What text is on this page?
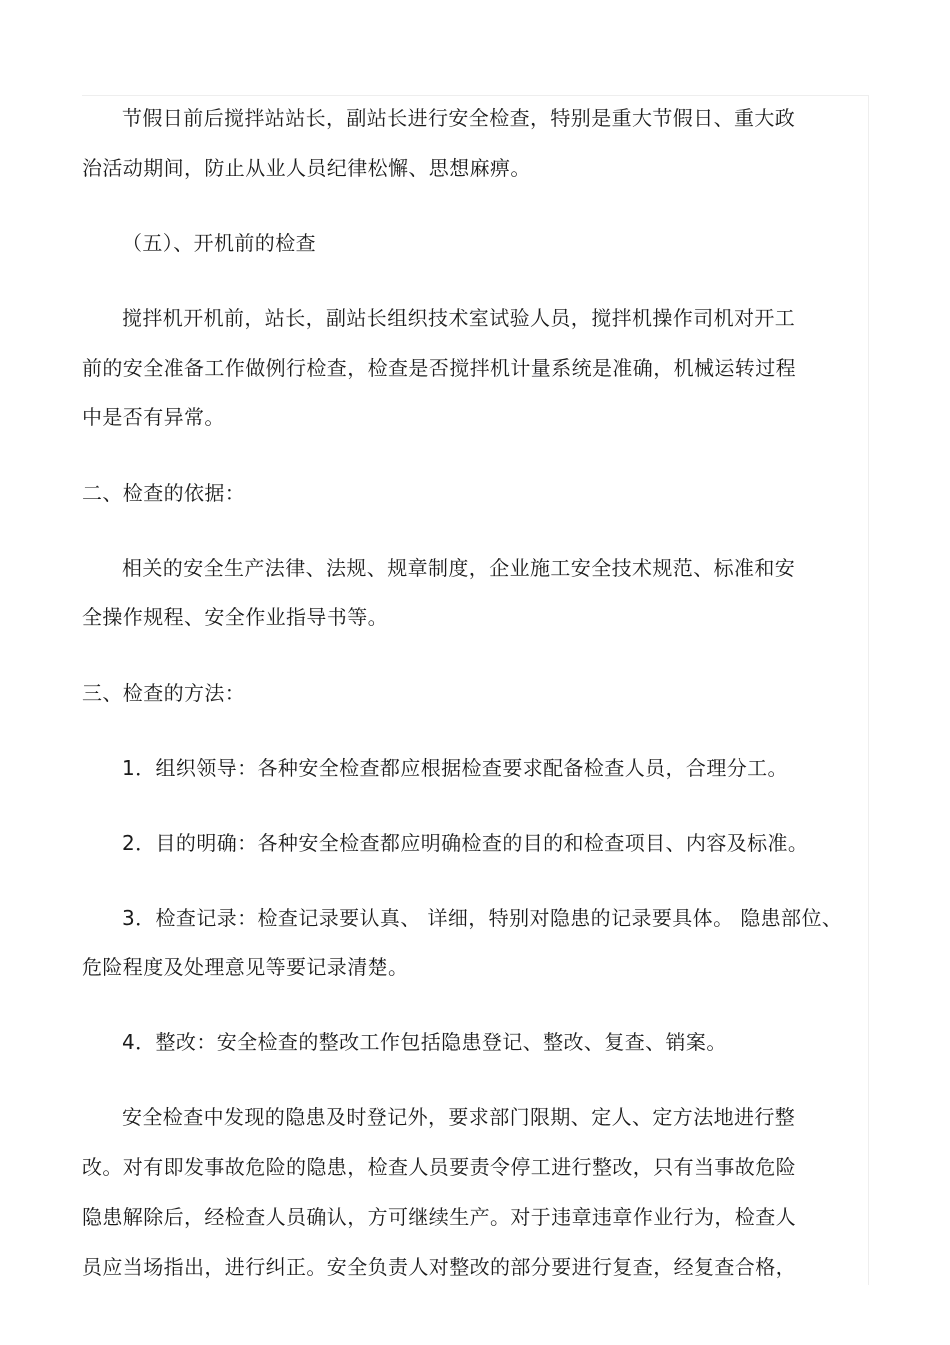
节假日前后搅拌站站长，副站长进行安全检查，特别是重大节假日、重大政
治活动期间，防止从业人员纪律松懈、思想麻痹。
（五）、开机前的检查
搅拌机开机前，站长，副站长组织技术室试验人员，搅拌机操作司机对开工
前的安全准备工作做例行检查，检查是否搅拌机计量系统是准确，机械运转过程
中是否有异常。
二、检查的依据：
相关的安全生产法律、法规、规章制度，企业施工安全技术规范、标准和安
全操作规程、安全作业指导书等。
三、检查的方法：
1．组织领导：各种安全检查都应根据检查要求配备检查人员，合理分工。
2．目的明确：各种安全检查都应明确检查的目的和检查项目、内容及标准。
3．检查记录：检查记录要认真、 详细，特别对隐患的记录要具体。 隐患部位、
危险程度及处理意见等要记录清楚。
4．整改：安全检查的整改工作包括隐患登记、整改、复查、销案。
安全检查中发现的隐患及时登记外，要求部门限期、定人、定方法地进行整
改。对有即发事故危险的隐患，检查人员要责令停工进行整改，只有当事故危险
隐患解除后，经检查人员确认，方可继续生产。对于违章违章作业行为，检查人
员应当场指出，进行纠正。安全负责人对整改的部分要进行复查，经复查合格，
